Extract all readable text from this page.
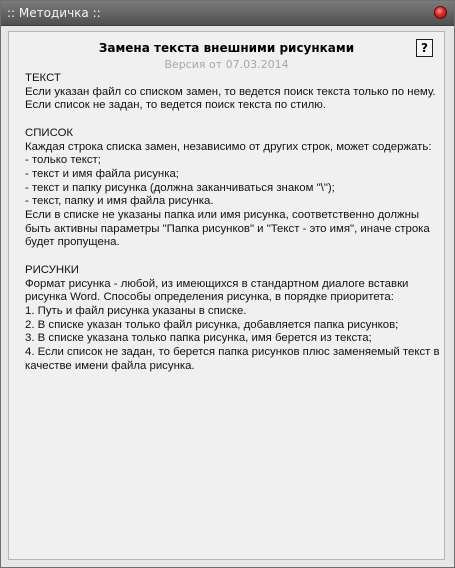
:: Методичка ::
Замена текста внешними рисунками	?
Версия от 07.03.2014
ТЕКСТ
Если указан файл со списком замен, то ведется поиск текста только по нему.
Если список не задан, то ведется поиск текста по стилю.
СПИСОК
Каждая строка списка замен, независимо от других строк, может содержать:
- только текст;
- текст и имя файла рисунка;
- текст и папку рисунка (должна заканчиваться знаком "\");
- текст, папку и имя файла рисунка.
Если в списке не указаны папка или имя рисунка, соответственно должны
быть активны параметры "Папка рисунков" и "Текст - это имя", иначе строка
будет пропущена.
РИСУНКИ
Формат рисунка - любой, из имеющихся в стандартном диалоге вставки
рисунка Word. Способы определения рисунка, в порядке приоритета:
1. Путь и файл рисунка указаны в списке.
2. В списке указан только файл рисунка, добавляется папка рисунков;
3. В списке указана только папка рисунка, имя берется из текста;
4. Если список не задан, то берется папка рисунков плюс заменяемый текст в
качестве имени файла рисунка.
